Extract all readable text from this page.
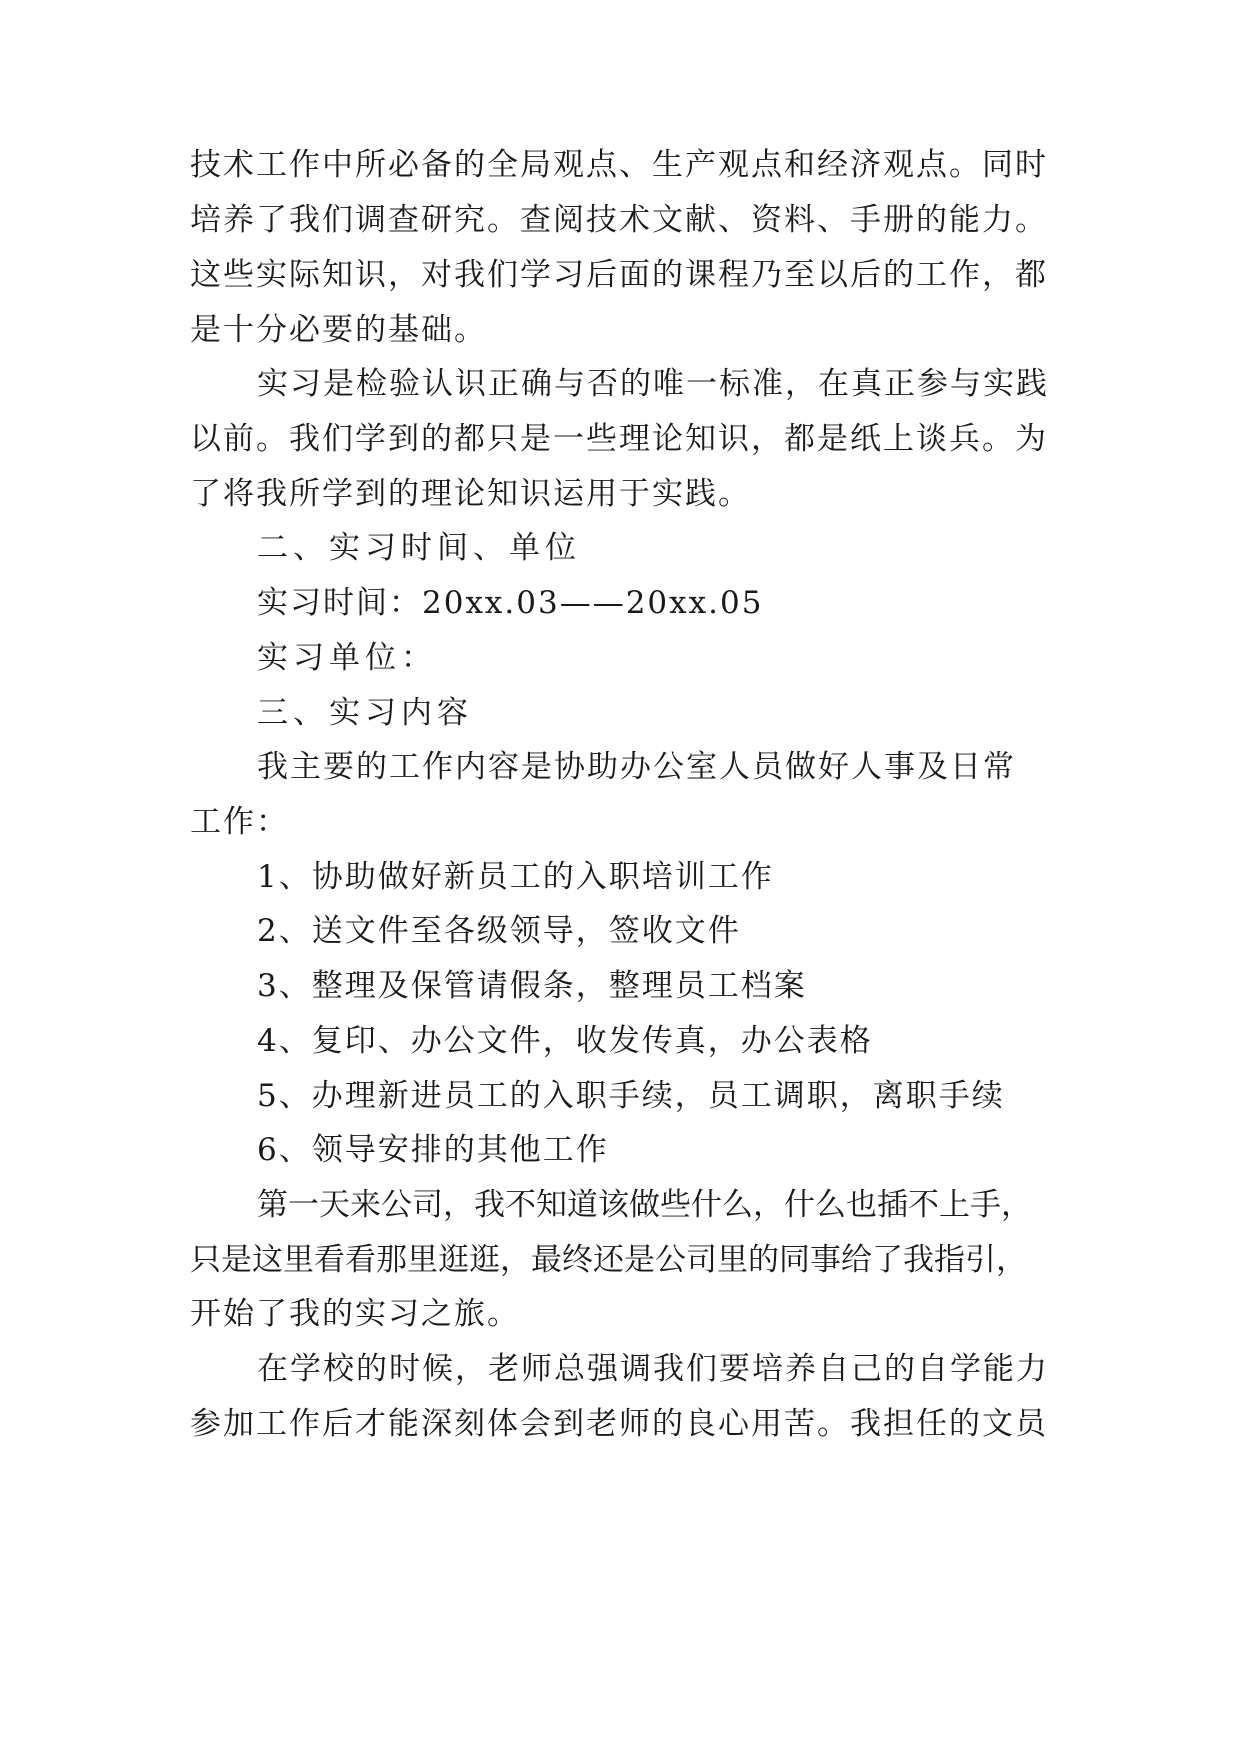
技术工作中所必备的全局观点、生产观点和经济观点。同时
培养了我们调查研究。查阅技术文献、资料、手册的能力。
这些实际知识，对我们学习后面的课程乃至以后的工作，都
是十分必要的基础。
实习是检验认识正确与否的唯一标准，在真正参与实践
以前。我们学到的都只是一些理论知识，都是纸上谈兵。为
了将我所学到的理论知识运用于实践。
二、实习时间、单位
实习时间：20xx.03——20xx.05
实习单位：
三、实习内容
我主要的工作内容是协助办公室人员做好人事及日常
工作：
1、协助做好新员工的入职培训工作
2、送文件至各级领导，签收文件
3、整理及保管请假条，整理员工档案
4、复印、办公文件，收发传真，办公表格
5、办理新进员工的入职手续，员工调职，离职手续
6、领导安排的其他工作
第一天来公司，我不知道该做些什么，什么也插不上手，
只是这里看看那里逛逛，最终还是公司里的同事给了我指引，
开始了我的实习之旅。
在学校的时候，老师总强调我们要培养自己的自学能力
参加工作后才能深刻体会到老师的良心用苦。我担任的文员
